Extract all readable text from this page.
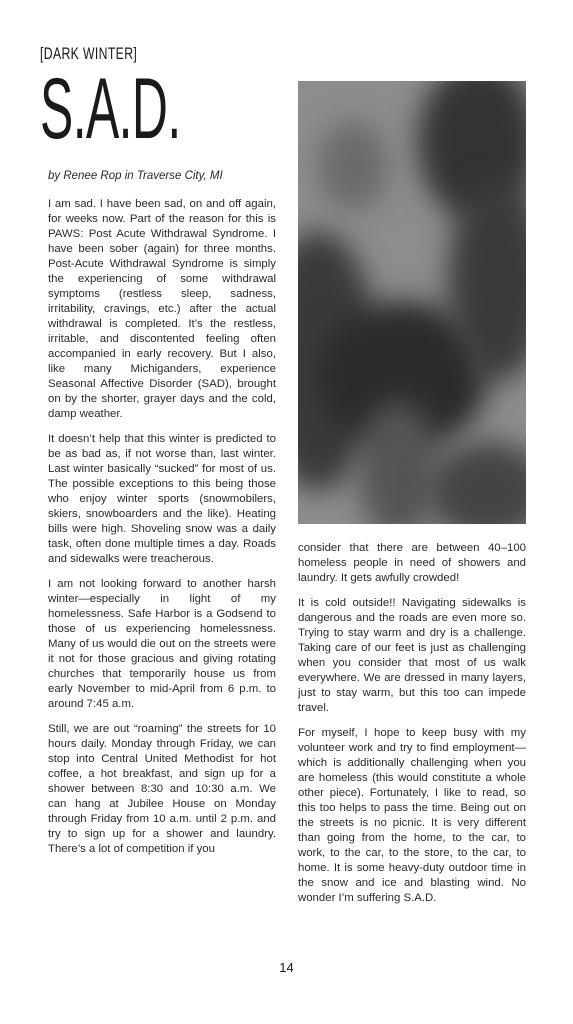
[DARK WINTER]
S.A.D.
by Renee Rop in Traverse City, MI

I am sad. I have been sad, on and off again, for weeks now. Part of the reason for this is PAWS: Post Acute Withdrawal Syndrome. I have been sober (again) for three months. Post-Acute Withdrawal Syndrome is simply the experiencing of some withdrawal symptoms (restless sleep, sadness, irritability, cravings, etc.) after the actual withdrawal is completed. It’s the restless, irritable, and discontented feeling often accompanied in early recovery. But I also, like many Michiganders, experience Seasonal Affective Disorder (SAD), brought on by the shorter, grayer days and the cold, damp weather.

It doesn’t help that this winter is predicted to be as bad as, if not worse than, last winter. Last winter basically “sucked” for most of us. The possible exceptions to this being those who enjoy winter sports (snowmobilers, skiers, snowboarders and the like). Heating bills were high. Shoveling snow was a daily task, often done multiple times a day. Roads and sidewalks were treacherous.

I am not looking forward to another harsh winter—especially in light of my homelessness. Safe Harbor is a Godsend to those of us experiencing homelessness. Many of us would die out on the streets were it not for those gracious and giving rotating churches that temporarily house us from early November to mid-April from 6 p.m. to around 7:45 a.m.

Still, we are out “roaming” the streets for 10 hours daily. Monday through Friday, we can stop into Central United Methodist for hot coffee, a hot breakfast, and sign up for a shower between 8:30 and 10:30 a.m. We can hang at Jubilee House on Monday through Friday from 10 a.m. until 2 p.m. and try to sign up for a shower and laundry. There’s a lot of competition if you

consider that there are between 40–100 homeless people in need of showers and laundry. It gets awfully crowded!

It is cold outside!! Navigating sidewalks is dangerous and the roads are even more so. Trying to stay warm and dry is a challenge. Taking care of our feet is just as challenging when you consider that most of us walk everywhere. We are dressed in many layers, just to stay warm, but this too can impede travel.

For myself, I hope to keep busy with my volunteer work and try to find employment—which is additionally challenging when you are homeless (this would constitute a whole other piece). Fortunately, I like to read, so this too helps to pass the time. Being out on the streets is no picnic. It is very different than going from the home, to the car, to work, to the car, to the store, to the car, to home. It is some heavy-duty outdoor time in the snow and ice and blasting wind. No wonder I’m suffering S.A.D.

14
